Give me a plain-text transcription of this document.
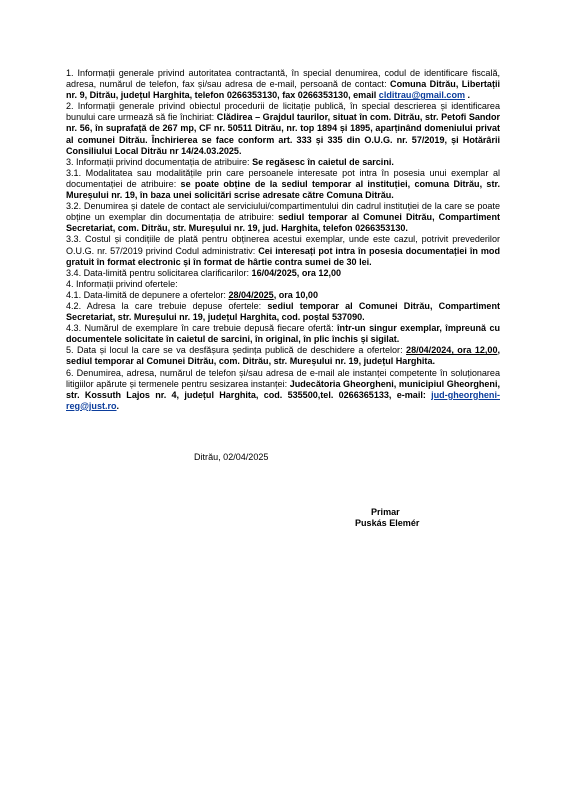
1. Informații generale privind autoritatea contractantă, în special denumirea, codul de identificare fiscală, adresa, numărul de telefon, fax și/sau adresa de e-mail, persoană de contact: Comuna Ditrău, Libertații nr. 9, Ditrău, județul Harghita, telefon 0266353130, fax 0266353130, email clditrau@gmail.com .

2. Informații generale privind obiectul procedurii de licitație publică, în special descrierea și identificarea bunului care urmează să fie închiriat: Clădirea – Grajdul taurilor, situat în com. Ditrău, str. Petofi Sandor nr. 56, în suprafață de 267 mp, CF nr. 50511 Ditrău, nr. top 1894 și 1895, aparținând domeniului privat al comunei Ditrău. Închirierea se face conform art. 333 și 335 din O.U.G. nr. 57/2019, și Hotărârii Consiliului Local Ditrău nr 14/24.03.2025.

3. Informații privind documentația de atribuire: Se regăsesc în caietul de sarcini.

3.1. Modalitatea sau modalitățile prin care persoanele interesate pot intra în posesia unui exemplar al documentației de atribuire: se poate obține de la sediul temporar al instituției, comuna Ditrău, str. Mureșului nr. 19, în baza unei solicitări scrise adresate către Comuna Ditrău.

3.2. Denumirea și datele de contact ale serviciului/compartimentului din cadrul instituției de la care se poate obține un exemplar din documentația de atribuire: sediul temporar al Comunei Ditrău, Compartiment Secretariat, com. Ditrău, str. Mureșului nr. 19, jud. Harghita, telefon 0266353130.

3.3. Costul și condițiile de plată pentru obținerea acestui exemplar, unde este cazul, potrivit prevederilor O.U.G. nr. 57/2019 privind Codul administrativ: Cei interesați pot intra în posesia documentației în mod gratuit în format electronic și în format de hârtie contra sumei de 30 lei.

3.4. Data-limită pentru solicitarea clarificarilor: 16/04/2025, ora 12,00

4. Informații privind ofertele:

4.1. Data-limită de depunere a ofertelor: 28/04/2025, ora 10,00

4.2. Adresa la care trebuie depuse ofertele: sediul temporar al Comunei Ditrău, Compartiment Secretariat, str. Mureșului nr. 19, județul Harghita, cod. poștal 537090.

4.3. Numărul de exemplare în care trebuie depusă fiecare ofertă: într-un singur exemplar, împreună cu documentele solicitate în caietul de sarcini, în original, în plic închis și sigilat.

5. Data și locul la care se va desfășura ședința publică de deschidere a ofertelor: 28/04/2024, ora 12,00, sediul temporar al Comunei Ditrău, com. Ditrău, str. Mureșului nr. 19, județul Harghita.

6. Denumirea, adresa, numărul de telefon și/sau adresa de e-mail ale instanței competente în soluționarea litigiilor apărute și termenele pentru sesizarea instanței: Judecătoria Gheorgheni, municipiul Gheorgheni, str. Kossuth Lajos nr. 4, județul Harghita, cod. 535500,tel. 0266365133, e-mail: jud-gheorgheni-reg@just.ro.

Ditrău, 02/04/2025

Primar

Puskás Elemér
